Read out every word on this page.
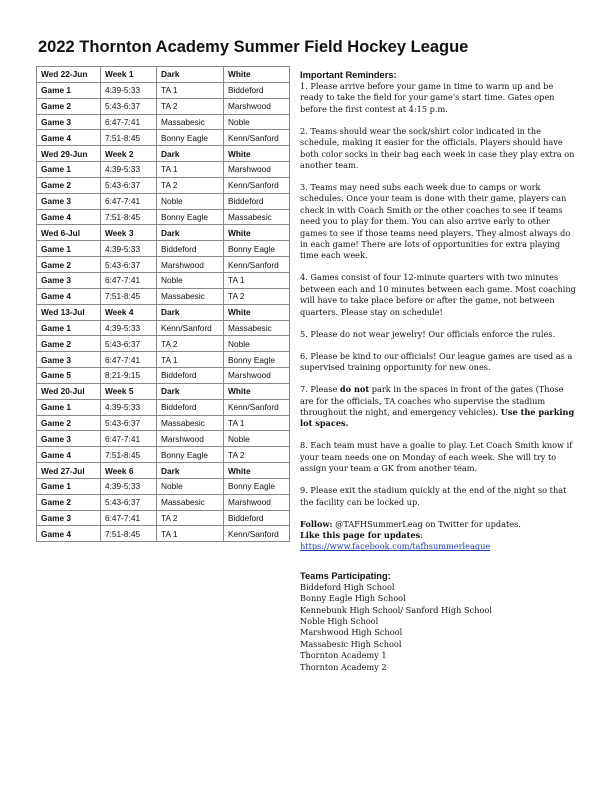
2022 Thornton Academy Summer Field Hockey League
Wed 22-Jun	Week 1	Dark	White
Game 1	4:39-5:33	TA 1	Biddeford
Game 2	5:43-6:37	TA 2	Marshwood
Game 3	6:47-7:41	Massabesic	Noble
Game 4	7:51-8:45	Bonny Eagle	Kenn/Sanford
Wed 29-Jun	Week 2	Dark	White
Game 1	4:39-5:33	TA 1	Marshwood
Game 2	5:43-6:37	TA 2	Kenn/Sanford
Game 3	6:47-7:41	Noble	Biddeford
Game 4	7:51-8:45	Bonny Eagle	Massabesic
Wed 6-Jul	Week 3	Dark	White
Game 1	4:39-5:33	Biddeford	Bonny Eagle
Game 2	5:43-6:37	Marshwood	Kenn/Sanford
Game 3	6:47-7:41	Noble	TA 1
Game 4	7:51-8:45	Massabesic	TA 2
Wed 13-Jul	Week 4	Dark	White
Game 1	4:39-5:33	Kenn/Sanford	Massabesic
Game 2	5:43-6:37	TA 2	Noble
Game 3	6:47-7:41	TA 1	Bonny Eagle
Game 5	8:21-9:15	Biddeford	Marshwood
Wed 20-Jul	Week 5	Dark	White
Game 1	4:39-5:33	Biddeford	Kenn/Sanford
Game 2	5:43-6:37	Massabesic	TA 1
Game 3	6:47-7:41	Marshwood	Noble
Game 4	7:51-8:45	Bonny Eagle	TA 2
Wed 27-Jul	Week 6	Dark	White
Game 1	4:39-5:33	Noble	Bonny Eagle
Game 2	5:43-6:37	Massabesic	Marshwood
Game 3	6:47-7:41	TA 2	Biddeford
Game 4	7:51-8:45	TA 1	Kenn/Sanford
Important Reminders:

1. Please arrive before your game in time to warm up and be ready to take the field for your game's start time. Gates open before the first contest at 4:15 p.m.

2. Teams should wear the sock/shirt color indicated in the schedule, making it easier for the officials. Players should have both color socks in their bag each week in case they play extra on another team.

3. Teams may need subs each week due to camps or work schedules. Once your team is done with their game, players can check in with Coach Smith or the other coaches to see if teams need you to play for them. You can also arrive early to other games to see if those teams need players. They almost always do in each game! There are lots of opportunities for extra playing time each week.

4. Games consist of four 12-minute quarters with two minutes between each and 10 minutes between each game. Most coaching will have to take place before or after the game, not between quarters. Please stay on schedule!

5. Please do not wear jewelry! Our officials enforce the rules.

6. Please be kind to our officials! Our league games are used as a supervised training opportunity for new ones.

7. Please do not park in the spaces in front of the gates (Those are for the officials, TA coaches who supervise the stadium throughout the night, and emergency vehicles). Use the parking lot spaces.

8. Each team must have a goalie to play. Let Coach Smith know if your team needs one on Monday of each week. She will try to assign your team a GK from another team.

9. Please exit the stadium quickly at the end of the night so that the facility can be locked up.

Follow: @TAFHSummerLeag on Twitter for updates.
Like this page for updates:
https://www.facebook.com/tafhsummerleague
Teams Participating:
Biddeford High School
Bonny Eagle High School
Kennebunk High School/ Sanford High School
Noble High School
Marshwood High School
Massabesic High School
Thornton Academy 1
Thornton Academy 2
